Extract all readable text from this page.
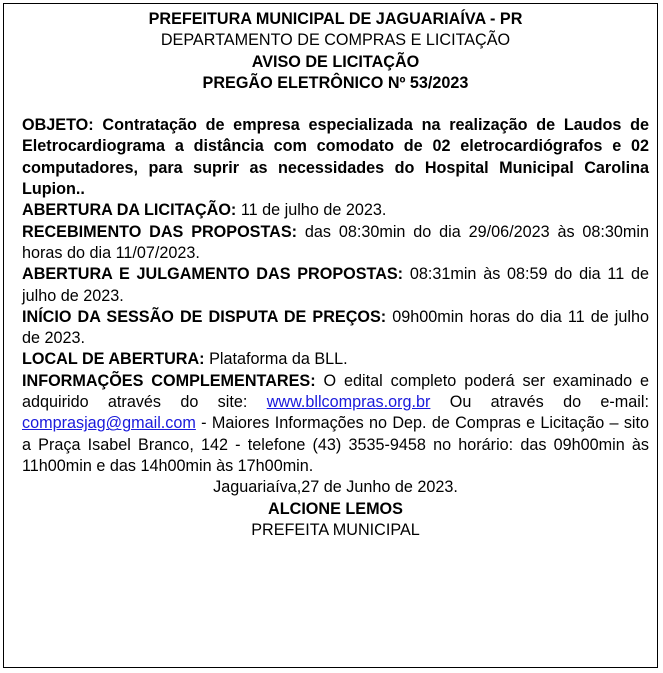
PREFEITURA MUNICIPAL DE JAGUARIAÍVA - PR
DEPARTAMENTO DE COMPRAS E LICITAÇÃO
AVISO DE LICITAÇÃO
PREGÃO ELETRÔNICO Nº 53/2023
OBJETO: Contratação de empresa especializada na realização de Laudos de Eletrocardiograma a distância com comodato de 02 eletrocardiógrafos e 02 computadores, para suprir as necessidades do Hospital Municipal Carolina Lupion..
ABERTURA DA LICITAÇÃO: 11 de julho de 2023.
RECEBIMENTO DAS PROPOSTAS: das 08:30min do dia 29/06/2023 às 08:30min horas do dia 11/07/2023.
ABERTURA E JULGAMENTO DAS PROPOSTAS: 08:31min às 08:59 do dia 11 de julho de 2023.
INÍCIO DA SESSÃO DE DISPUTA DE PREÇOS: 09h00min horas do dia 11 de julho de 2023.
LOCAL DE ABERTURA: Plataforma da BLL.
INFORMAÇÕES COMPLEMENTARES: O edital completo poderá ser examinado e adquirido através do site: www.bllcompras.org.br Ou através do e-mail: comprasjag@gmail.com - Maiores Informações no Dep. de Compras e Licitação – sito a Praça Isabel Branco, 142 - telefone (43) 3535-9458 no horário: das 09h00min às 11h00min e das 14h00min às 17h00min.
Jaguariaíva,27 de Junho de 2023.
ALCIONE LEMOS
PREFEITA MUNICIPAL
